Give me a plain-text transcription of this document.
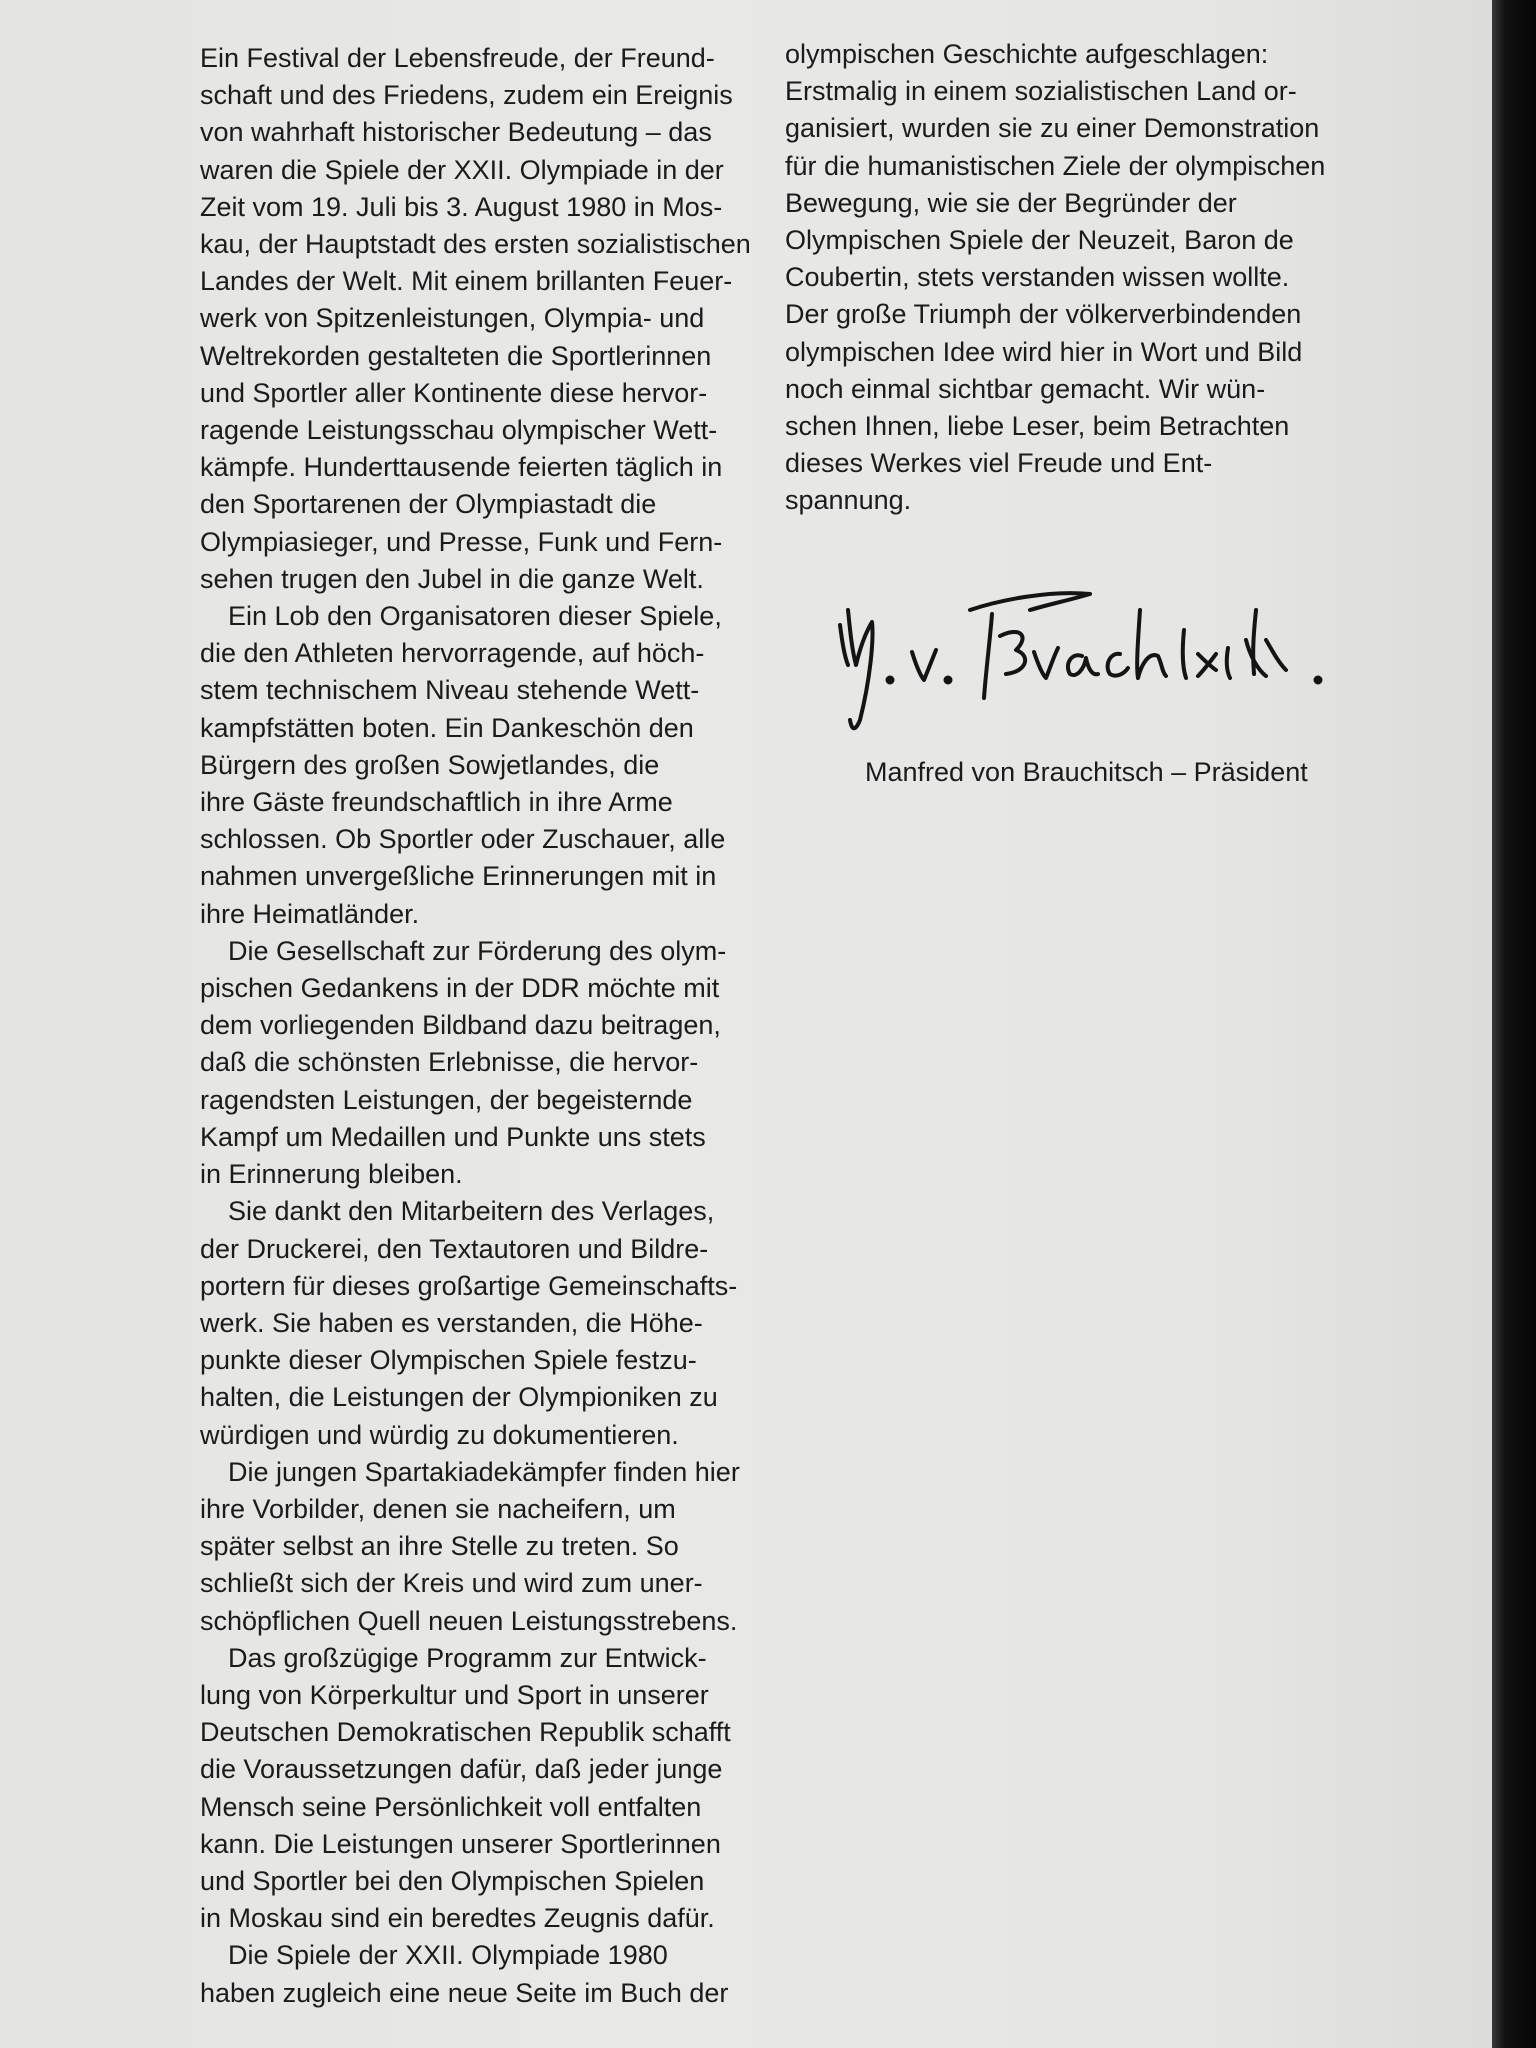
Ein Festival der Lebensfreude, der Freund-
schaft und des Friedens, zudem ein Ereignis
von wahrhaft historischer Bedeutung – das
waren die Spiele der XXII. Olympiade in der
Zeit vom 19. Juli bis 3. August 1980 in Mos-
kau, der Hauptstadt des ersten sozialistischen
Landes der Welt. Mit einem brillanten Feuer-
werk von Spitzenleistungen, Olympia- und
Weltrekorden gestalteten die Sportlerinnen
und Sportler aller Kontinente diese hervor-
ragende Leistungsschau olympischer Wett-
kämpfe. Hunderttausende feierten täglich in
den Sportarenen der Olympiastadt die
Olympiasieger, und Presse, Funk und Fern-
sehen trugen den Jubel in die ganze Welt.
Ein Lob den Organisatoren dieser Spiele,
die den Athleten hervorragende, auf höch-
stem technischem Niveau stehende Wett-
kampfstätten boten. Ein Dankeschön den
Bürgern des großen Sowjetlandes, die
ihre Gäste freundschaftlich in ihre Arme
schlossen. Ob Sportler oder Zuschauer, alle
nahmen unvergeßliche Erinnerungen mit in
ihre Heimatländer.
Die Gesellschaft zur Förderung des olym-
pischen Gedankens in der DDR möchte mit
dem vorliegenden Bildband dazu beitragen,
daß die schönsten Erlebnisse, die hervor-
ragendsten Leistungen, der begeisternde
Kampf um Medaillen und Punkte uns stets
in Erinnerung bleiben.
Sie dankt den Mitarbeitern des Verlages,
der Druckerei, den Textautoren und Bildre-
portern für dieses großartige Gemeinschafts-
werk. Sie haben es verstanden, die Höhe-
punkte dieser Olympischen Spiele festzu-
halten, die Leistungen der Olympioniken zu
würdigen und würdig zu dokumentieren.
Die jungen Spartakiadekämpfer finden hier
ihre Vorbilder, denen sie nacheifern, um
später selbst an ihre Stelle zu treten. So
schließt sich der Kreis und wird zum uner-
schöpflichen Quell neuen Leistungsstrebens.
Das großzügige Programm zur Entwick-
lung von Körperkultur und Sport in unserer
Deutschen Demokratischen Republik schafft
die Voraussetzungen dafür, daß jeder junge
Mensch seine Persönlichkeit voll entfalten
kann. Die Leistungen unserer Sportlerinnen
und Sportler bei den Olympischen Spielen
in Moskau sind ein beredtes Zeugnis dafür.
Die Spiele der XXII. Olympiade 1980
haben zugleich eine neue Seite im Buch der
olympischen Geschichte aufgeschlagen:
Erstmalig in einem sozialistischen Land or-
ganisiert, wurden sie zu einer Demonstration
für die humanistischen Ziele der olympischen
Bewegung, wie sie der Begründer der
Olympischen Spiele der Neuzeit, Baron de
Coubertin, stets verstanden wissen wollte.
Der große Triumph der völkerverbindenden
olympischen Idee wird hier in Wort und Bild
noch einmal sichtbar gemacht. Wir wün-
schen Ihnen, liebe Leser, beim Betrachten
dieses Werkes viel Freude und Ent-
spannung.
Manfred von Brauchitsch – Präsident
